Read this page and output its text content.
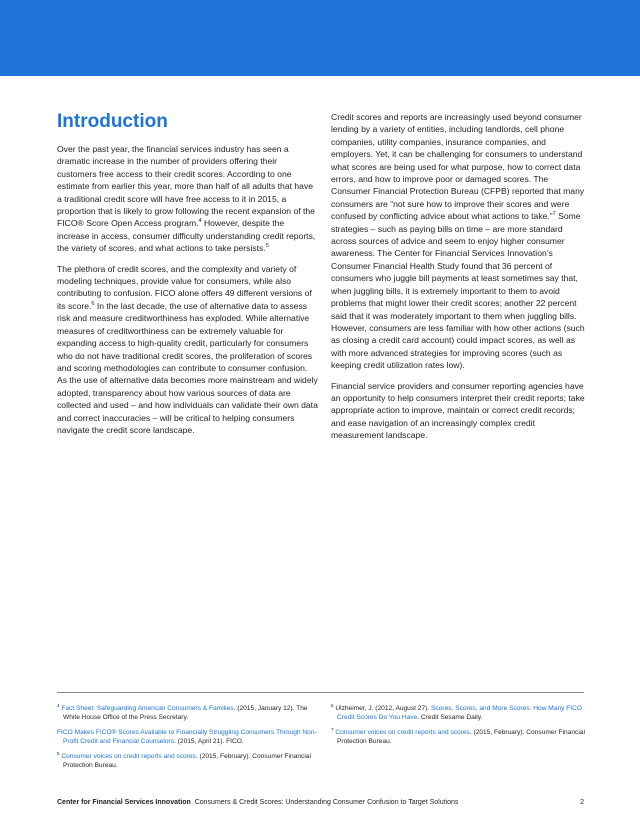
Introduction

Over the past year, the financial services industry has seen a dramatic increase in the number of providers offering their customers free access to their credit scores. According to one estimate from earlier this year, more than half of all adults that have a traditional credit score will have free access to it in 2015, a proportion that is likely to grow following the recent expansion of the FICO® Score Open Access program.$^4$ However, despite the increase in access, consumer difficulty understanding credit reports, the variety of scores, and what actions to take persists.$^5$

The plethora of credit scores, and the complexity and variety of modeling techniques, provide value for consumers, while also contributing to confusion. FICO alone offers 49 different versions of its score.$^6$ In the last decade, the use of alternative data to assess risk and measure creditworthiness has exploded. While alternative measures of creditworthiness can be extremely valuable for expanding access to high-quality credit, particularly for consumers who do not have traditional credit scores, the proliferation of scores and scoring methodologies can contribute to consumer confusion. As the use of alternative data becomes more mainstream and widely adopted, transparency about how various sources of data are collected and used – and how individuals can validate their own data and correct inaccuracies – will be critical to helping consumers navigate the credit score landscape.

Credit scores and reports are increasingly used beyond consumer lending by a variety of entities, including landlords, cell phone companies, utility companies, insurance companies, and employers. Yet, it can be challenging for consumers to understand what scores are being used for what purpose, how to correct data errors, and how to improve poor or damaged scores. The Consumer Financial Protection Bureau (CFPB) reported that many consumers are “not sure how to improve their scores and were confused by conflicting advice about what actions to take.”$^7$ Some strategies – such as paying bills on time – are more standard across sources of advice and seem to enjoy higher consumer awareness. The Center for Financial Services Innovation’s Consumer Financial Health Study found that 36 percent of consumers who juggle bill payments at least sometimes say that, when juggling bills, it is extremely important to them to avoid problems that might lower their credit scores; another 22 percent said that it was moderately important to them when juggling bills. However, consumers are less familiar with how other actions (such as closing a credit card account) could impact scores, as well as with more advanced strategies for improving scores (such as keeping credit utilization rates low).

Financial service providers and consumer reporting agencies have an opportunity to help consumers interpret their credit reports; take appropriate action to improve, maintain or correct credit records; and ease navigation of an increasingly complex credit measurement landscape.

$^4$ Fact Sheet: Safeguarding American Consumers & Families. (2015, January 12). The White House Office of the Press Secretary.

FICO Makes FICO® Scores Available to Financially Struggling Consumers Through Non-Profit Credit and Financial Counselors. (2015, April 21). FICO.

$^5$ Consumer voices on credit reports and scores. (2015, February). Consumer Financial Protection Bureau.

$^6$ Ulzheimer, J. (2012, August 27). Scores, Scores, and More Scores: How Many FICO Credit Scores Do You Have. Credit Sesame Daily.

$^7$ Consumer voices on credit reports and scores. (2015, February). Consumer Financial Protection Bureau.

Center for Financial Services Innovation Consumers & Credit Scores: Understanding Consumer Confusion to Target Solutions	2
